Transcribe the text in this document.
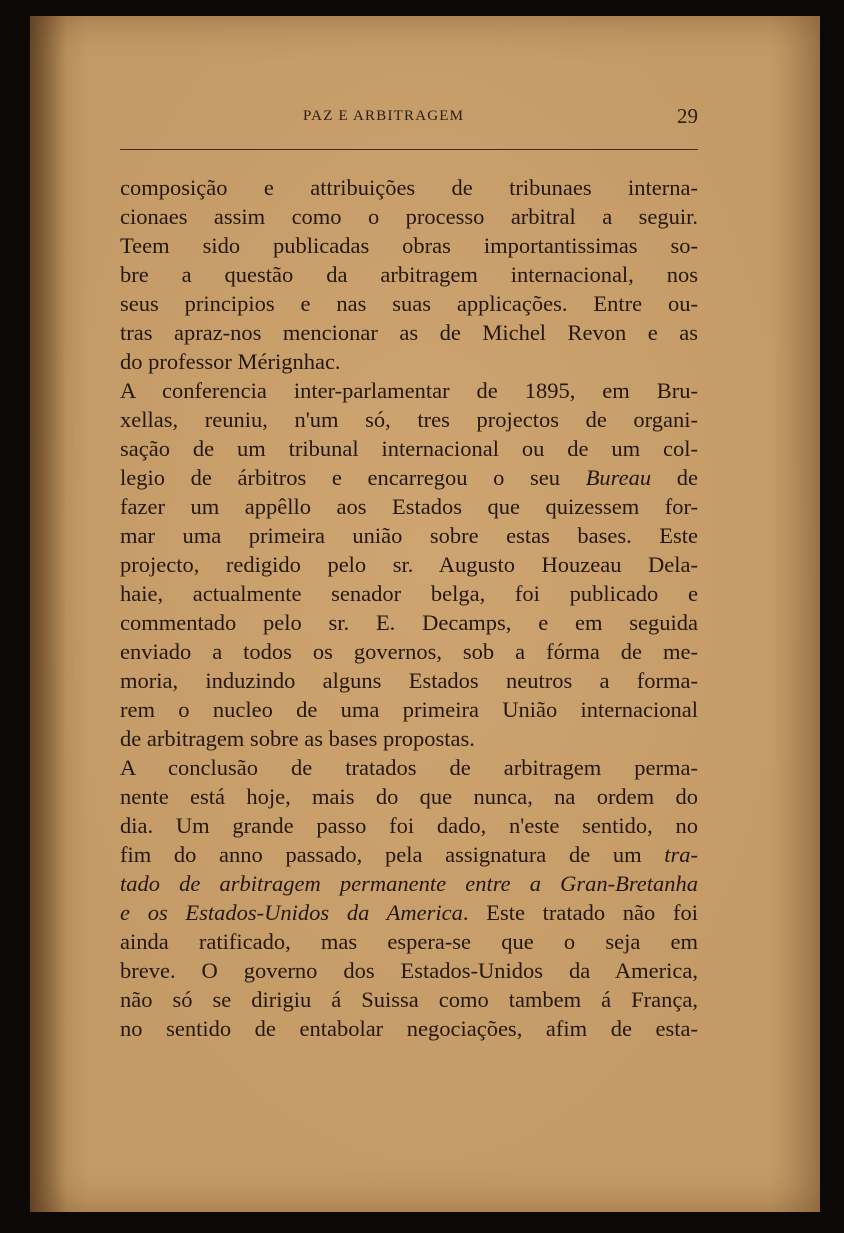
PAZ E ARBITRAGEM	29
composição e attribuições de tribunaes interna-
cionaes assim como o processo arbitral a seguir.
Teem sido publicadas obras importantissimas so-
bre a questão da arbitragem internacional, nos
seus principios e nas suas applicações. Entre ou-
tras apraz-nos mencionar as de Michel Revon e as
do professor Mérignhac.
A conferencia inter-parlamentar de 1895, em Bru-
xellas, reuniu, n'um só, tres projectos de organi-
sação de um tribunal internacional ou de um col-
legio de árbitros e encarregou o seu Bureau de
fazer um appêllo aos Estados que quizessem for-
mar uma primeira união sobre estas bases. Este
projecto, redigido pelo sr. Augusto Houzeau Dela-
haie, actualmente senador belga, foi publicado e
commentado pelo sr. E. Decamps, e em seguida
enviado a todos os governos, sob a fórma de me-
moria, induzindo alguns Estados neutros a forma-
rem o nucleo de uma primeira União internacional
de arbitragem sobre as bases propostas.
A conclusão de tratados de arbitragem perma-
nente está hoje, mais do que nunca, na ordem do
dia. Um grande passo foi dado, n'este sentido, no
fim do anno passado, pela assignatura de um tra-
tado de arbitragem permanente entre a Gran-Bretanha
e os Estados-Unidos da America. Este tratado não foi
ainda ratificado, mas espera-se que o seja em
breve. O governo dos Estados-Unidos da America,
não só se dirigiu á Suissa como tambem á França,
no sentido de entabolar negociações, afim de esta-
